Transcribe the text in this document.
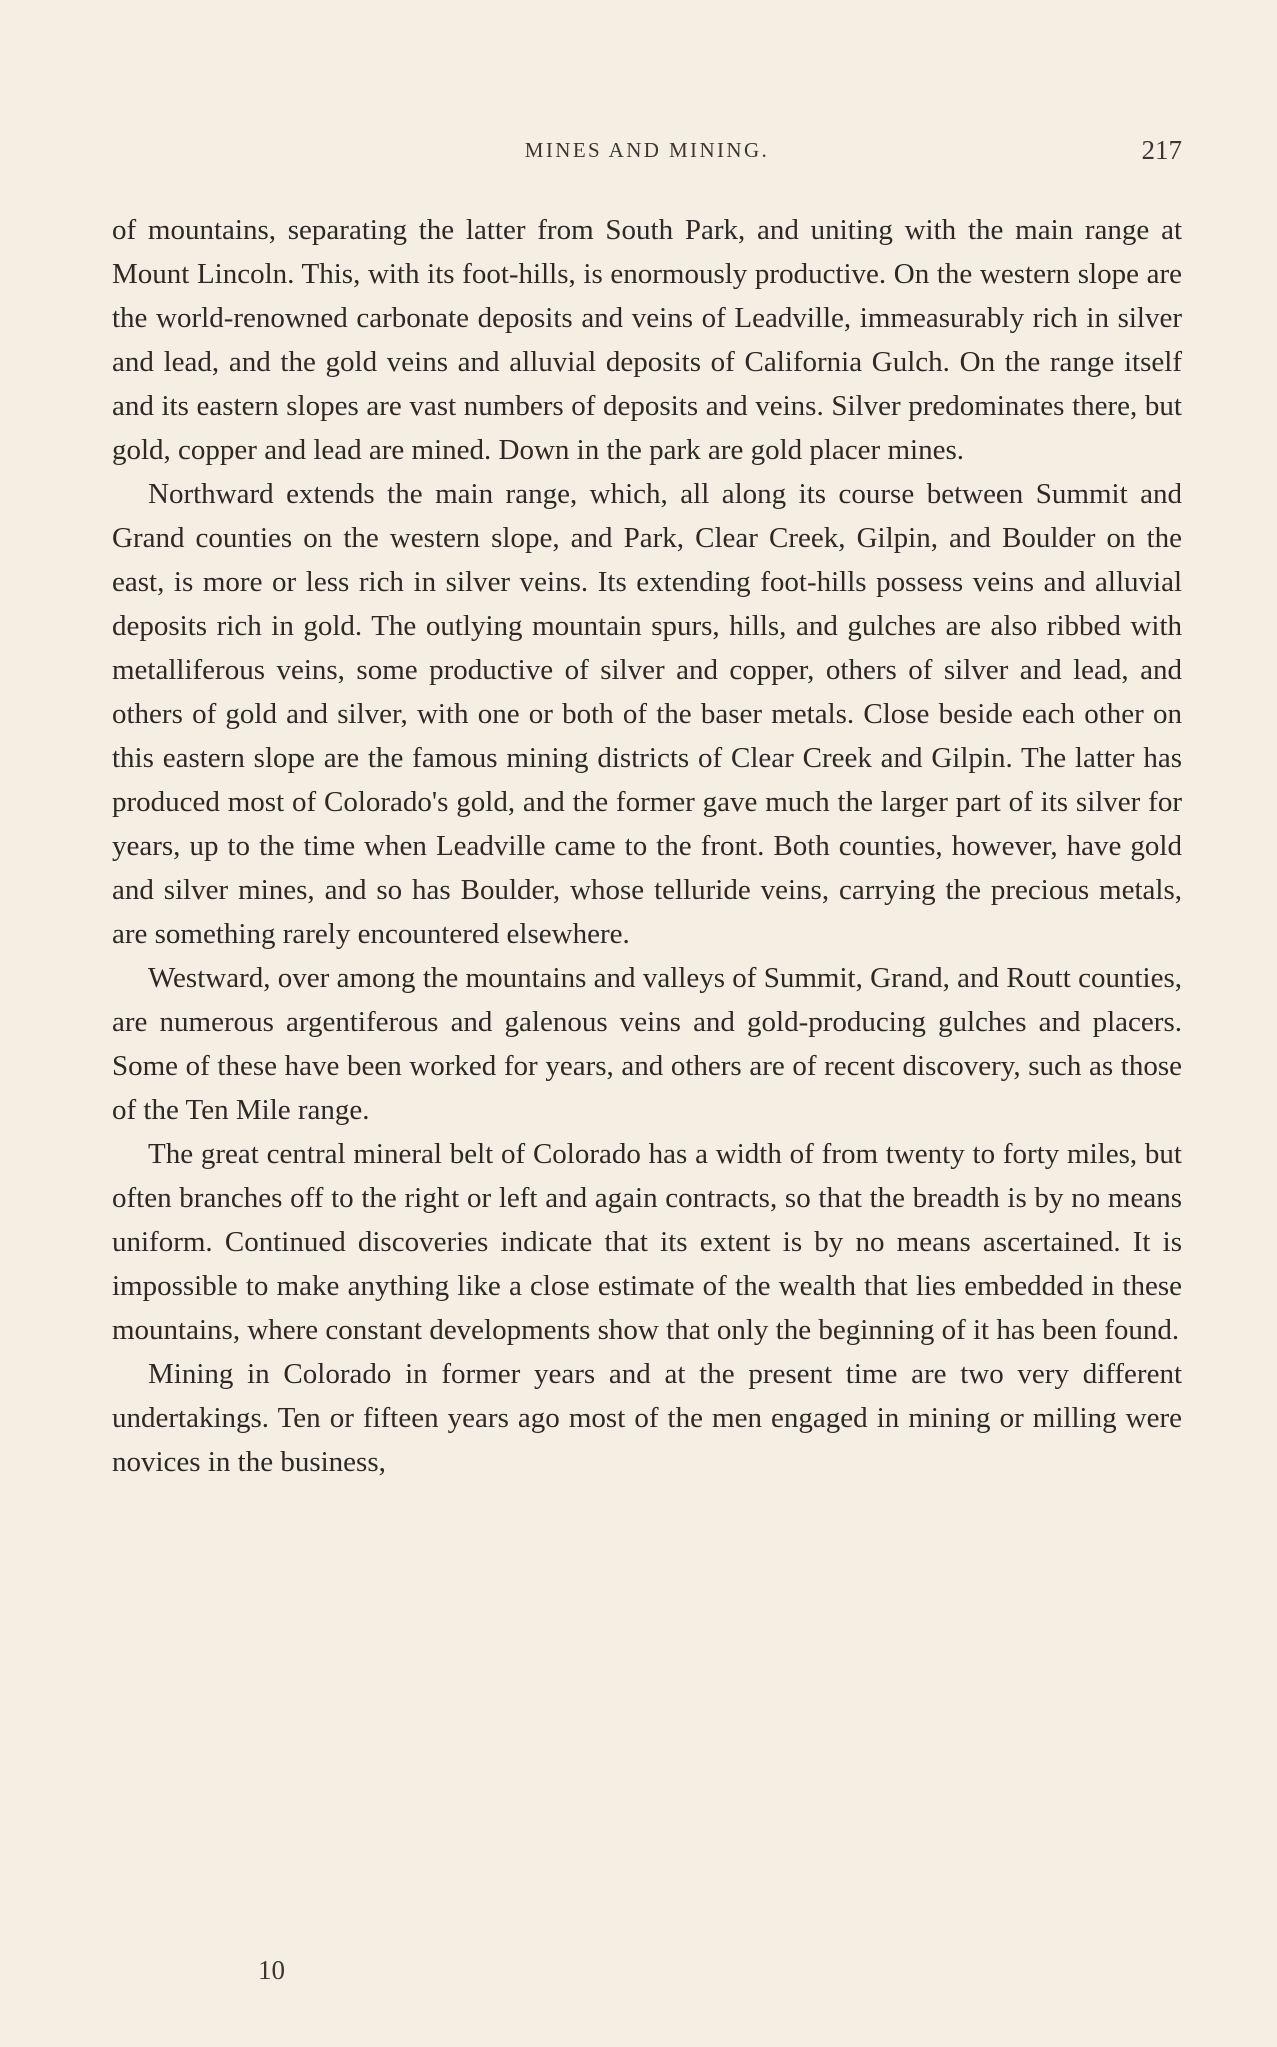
MINES AND MINING.	217

of mountains, separating the latter from South Park, and uniting with the main range at Mount Lincoln. This, with its foot-hills, is enormously productive. On the western slope are the world-renowned carbonate deposits and veins of Leadville, immeasurably rich in silver and lead, and the gold veins and alluvial deposits of California Gulch. On the range itself and its eastern slopes are vast numbers of deposits and veins. Silver predominates there, but gold, copper and lead are mined. Down in the park are gold placer mines.

Northward extends the main range, which, all along its course between Summit and Grand counties on the western slope, and Park, Clear Creek, Gilpin, and Boulder on the east, is more or less rich in silver veins. Its extending foot-hills possess veins and alluvial deposits rich in gold. The outlying mountain spurs, hills, and gulches are also ribbed with metalliferous veins, some productive of silver and copper, others of silver and lead, and others of gold and silver, with one or both of the baser metals. Close beside each other on this eastern slope are the famous mining districts of Clear Creek and Gilpin. The latter has produced most of Colorado's gold, and the former gave much the larger part of its silver for years, up to the time when Leadville came to the front. Both counties, however, have gold and silver mines, and so has Boulder, whose telluride veins, carrying the precious metals, are something rarely encountered elsewhere.

Westward, over among the mountains and valleys of Summit, Grand, and Routt counties, are numerous argentiferous and galenous veins and gold-producing gulches and placers. Some of these have been worked for years, and others are of recent discovery, such as those of the Ten Mile range.

The great central mineral belt of Colorado has a width of from twenty to forty miles, but often branches off to the right or left and again contracts, so that the breadth is by no means uniform. Continued discoveries indicate that its extent is by no means ascertained. It is impossible to make anything like a close estimate of the wealth that lies embedded in these mountains, where constant developments show that only the beginning of it has been found.

Mining in Colorado in former years and at the present time are two very different undertakings. Ten or fifteen years ago most of the men engaged in mining or milling were novices in the business,

10
